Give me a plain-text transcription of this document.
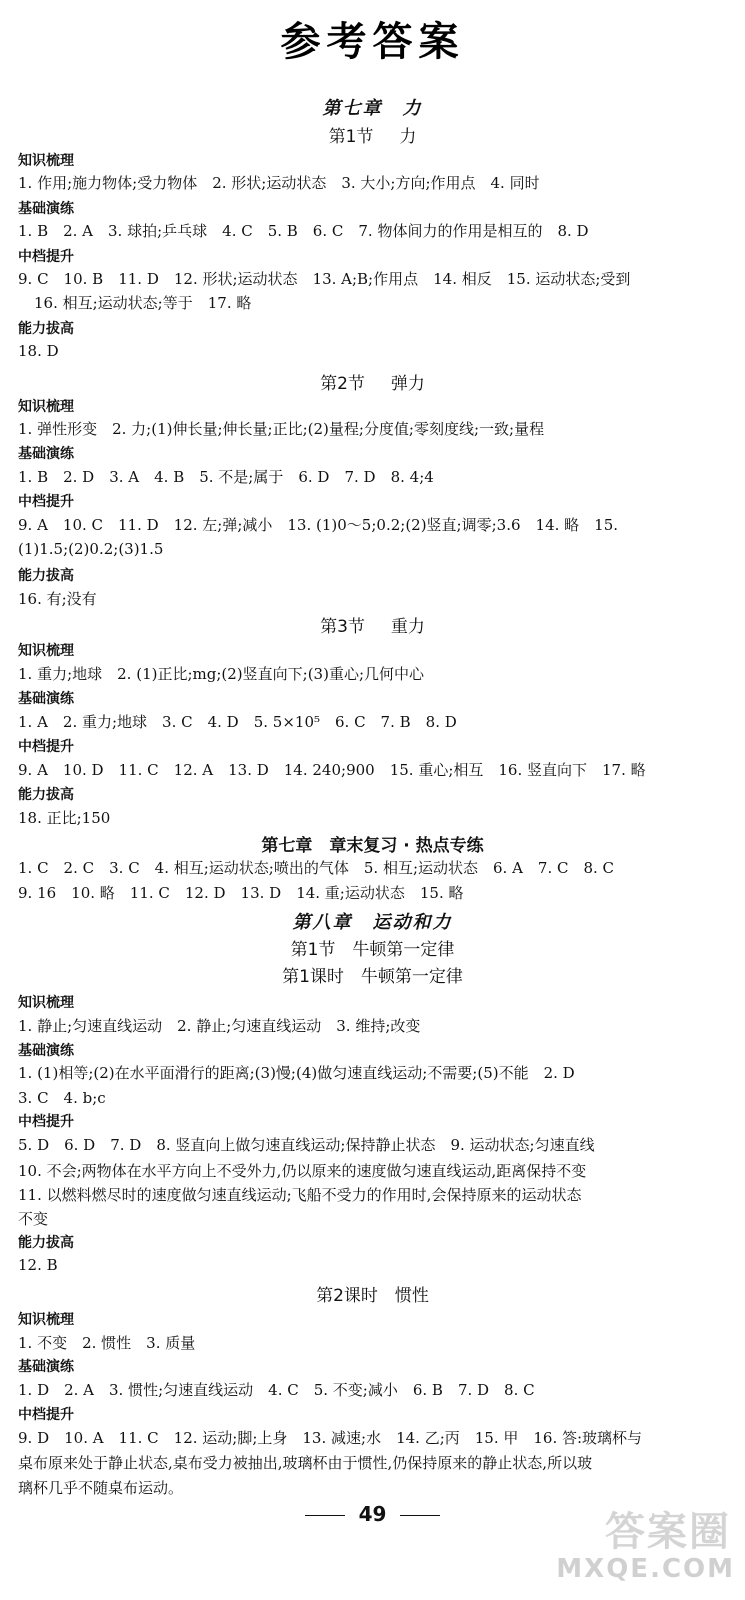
参考答案
第七章　力
第1节 力
知识梳理
1. 作用;施力物体;受力物体　2. 形状;运动状态　3. 大小;方向;作用点　4. 同时
基础演练
1. B　2. A　3. 球拍;乒乓球　4. C　5. B　6. C　7. 物体间力的作用是相互的　8. D
中档提升
9. C　10. B　11. D　12. 形状;运动状态　13. A;B;作用点　14. 相反　15. 运动状态;受到
16. 相互;运动状态;等于　17. 略
能力拔高
18. D
第2节 弹力
知识梳理
1. 弹性形变　2. 力;(1)伸长量;伸长量;正比;(2)量程;分度值;零刻度线;一致;量程
基础演练
1. B　2. D　3. A　4. B　5. 不是;属于　6. D　7. D　8. 4;4
中档提升
9. A　10. C　11. D　12. 左;弹;减小　13. (1)0～5;0.2;(2)竖直;调零;3.6　14. 略　15.
(1)1.5;(2)0.2;(3)1.5
能力拔高
16. 有;没有
第3节 重力
知识梳理
1. 重力;地球　2. (1)正比;mg;(2)竖直向下;(3)重心;几何中心
基础演练
1. A　2. 重力;地球　3. C　4. D　5. 5×10⁵　6. C　7. B　8. D
中档提升
9. A　10. D　11. C　12. A　13. D　14. 240;900　15. 重心;相互　16. 竖直向下　17. 略
能力拔高
18. 正比;150
第七章　章末复习 · 热点专练
1. C　2. C　3. C　4. 相互;运动状态;喷出的气体　5. 相互;运动状态　6. A　7. C　8. C
9. 16　10. 略　11. C　12. D　13. D　14. 重;运动状态　15. 略
第八章　运动和力
第1节　牛顿第一定律
第1课时　牛顿第一定律
知识梳理
1. 静止;匀速直线运动　2. 静止;匀速直线运动　3. 维持;改变
基础演练
1. (1)相等;(2)在水平面滑行的距离;(3)慢;(4)做匀速直线运动;不需要;(5)不能　2. D
3. C　4. b;c
中档提升
5. D　6. D　7. D　8. 竖直向上做匀速直线运动;保持静止状态　9. 运动状态;匀速直线
10. 不会;两物体在水平方向上不受外力,仍以原来的速度做匀速直线运动,距离保持不变
11. 以燃料燃尽时的速度做匀速直线运动;飞船不受力的作用时,会保持原来的运动状态
不变
能力拔高
12. B
第2课时　惯性
知识梳理
1. 不变　2. 惯性　3. 质量
基础演练
1. D　2. A　3. 惯性;匀速直线运动　4. C　5. 不变;减小　6. B　7. D　8. C
中档提升
9. D　10. A　11. C　12. 运动;脚;上身　13. 减速;水　14. 乙;丙　15. 甲　16. 答:玻璃杯与
桌布原来处于静止状态,桌布受力被抽出,玻璃杯由于惯性,仍保持原来的静止状态,所以玻
璃杯几乎不随桌布运动。
49	答案圈
MXQE.COM
